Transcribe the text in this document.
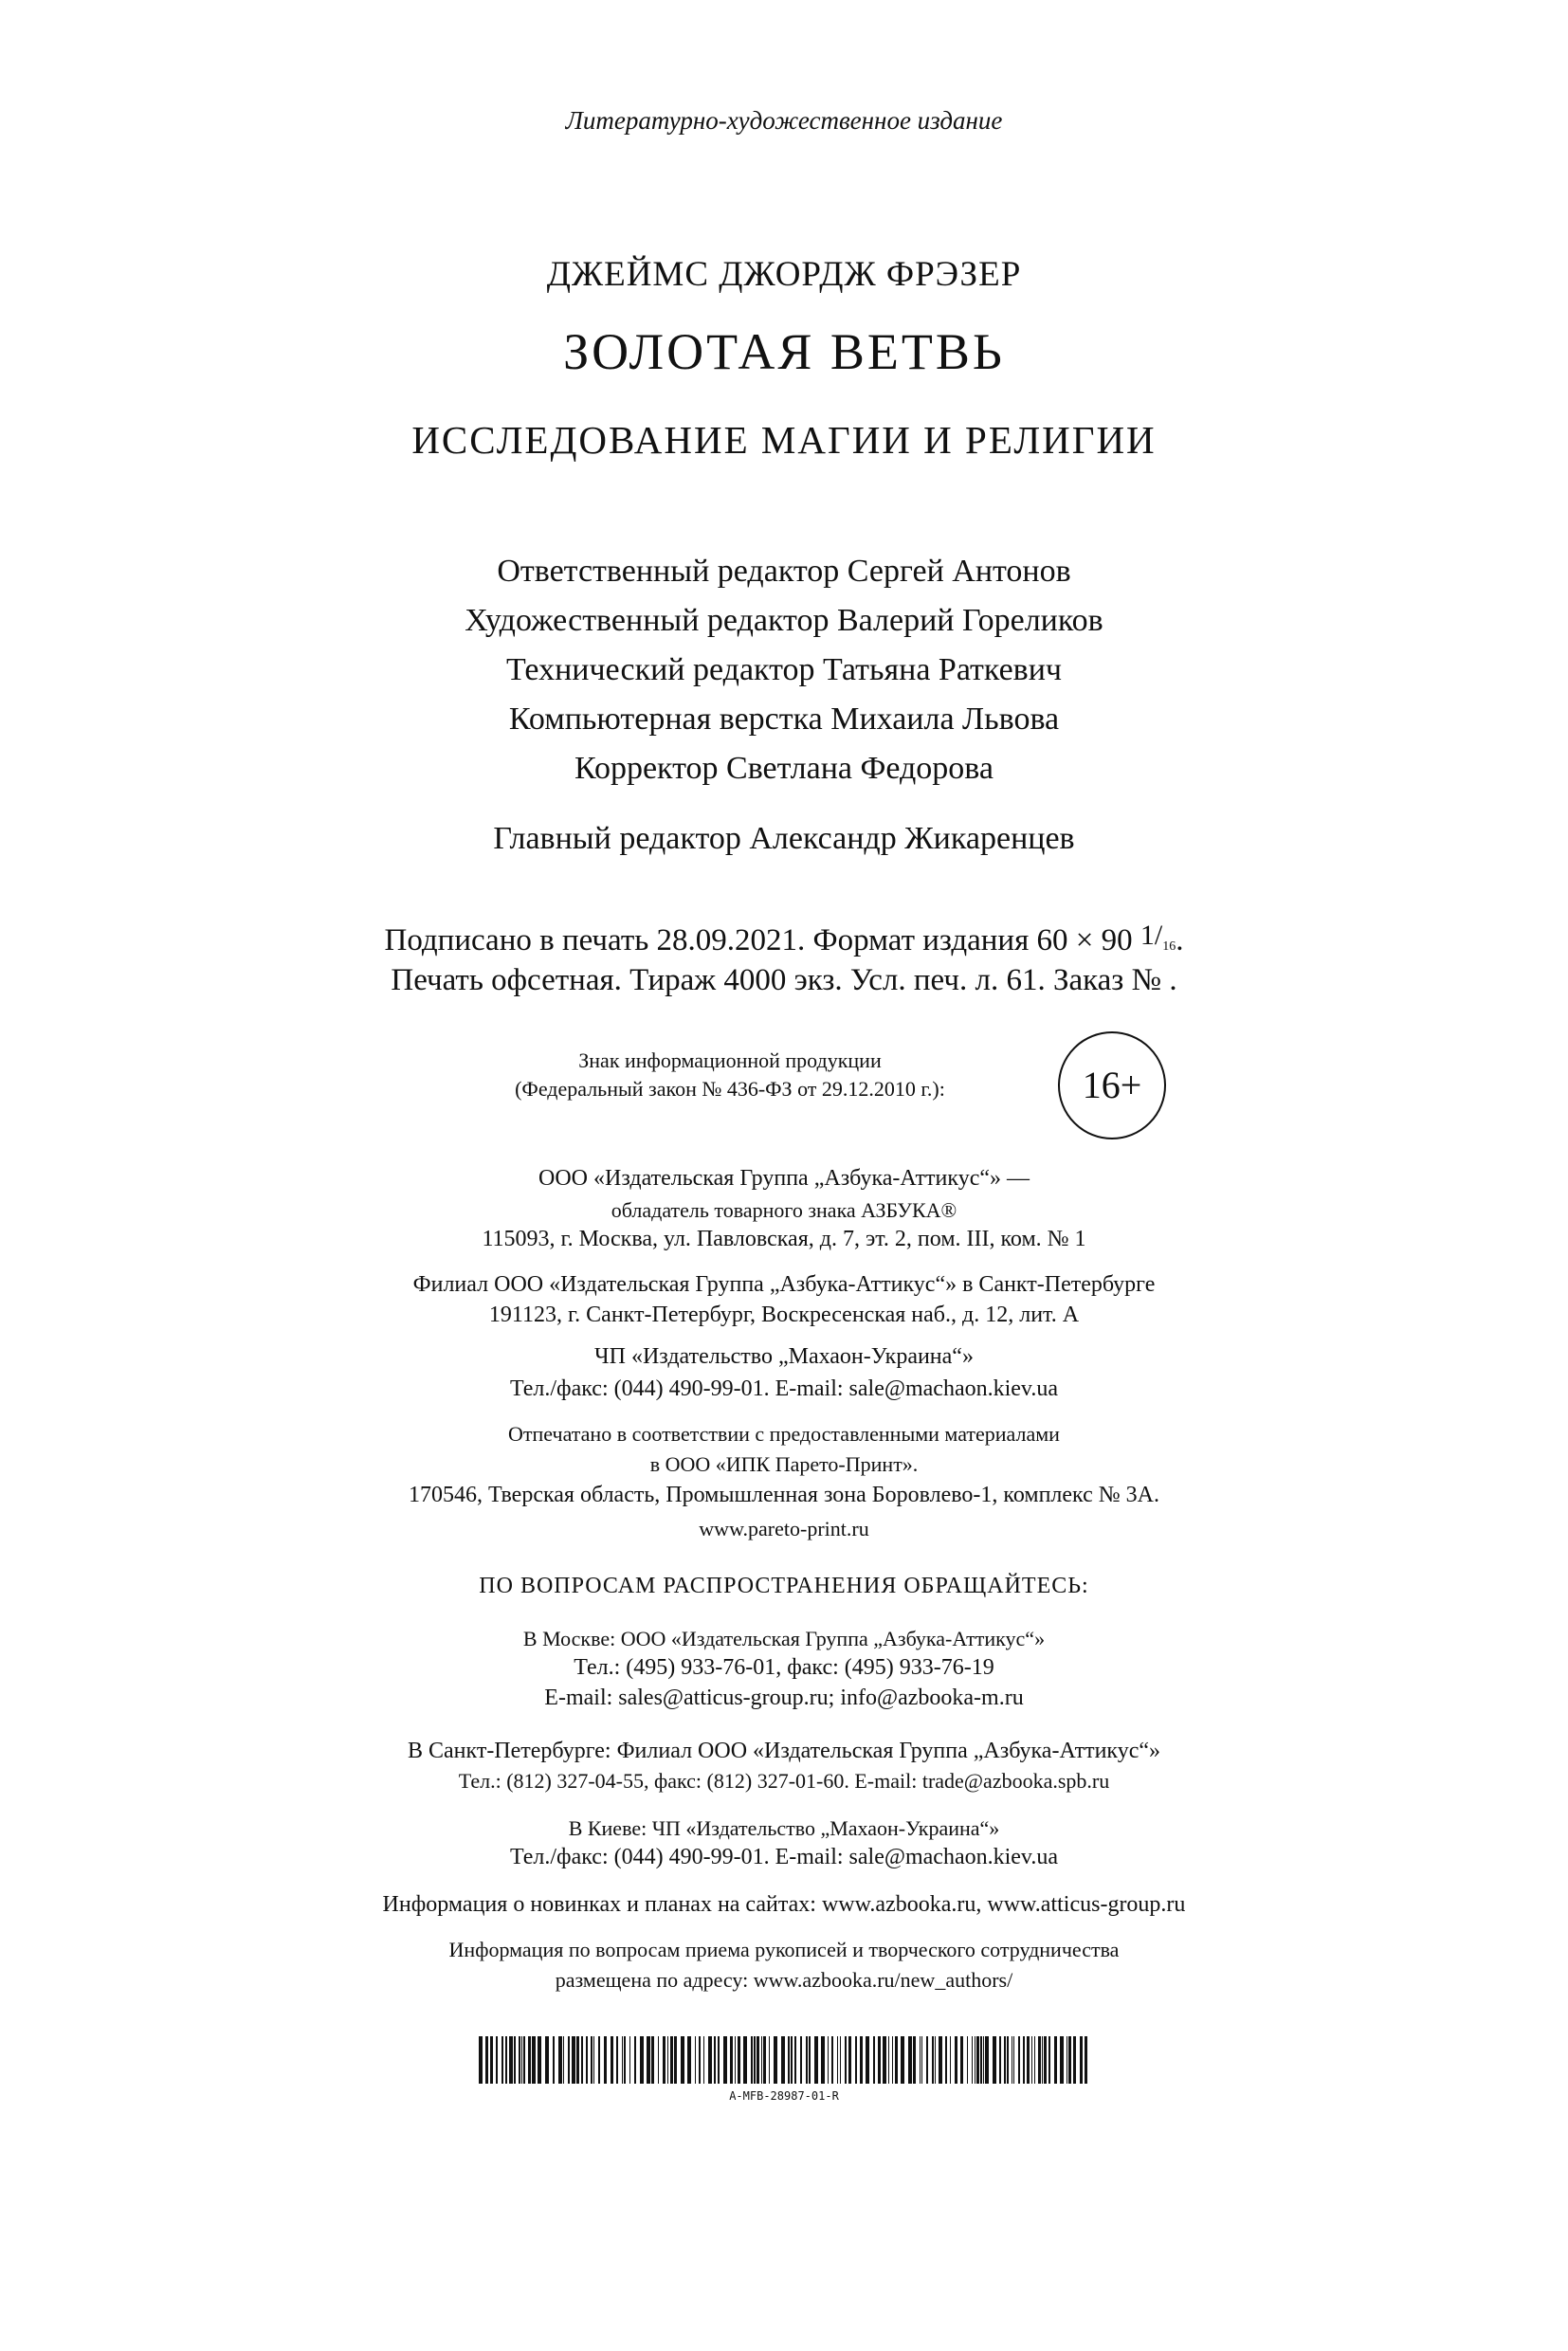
Литературно-художественное издание
ДЖЕЙМС ДЖОРДЖ ФРЭЗЕР
ЗОЛОТАЯ ВЕТВЬ
ИССЛЕДОВАНИЕ МАГИИ И РЕЛИГИИ
Ответственный редактор Сергей Антонов
Художественный редактор Валерий Гореликов
Технический редактор Татьяна Раткевич
Компьютерная верстка Михаила Львова
Корректор Светлана Федорова
Главный редактор Александр Жикаренцев
Подписано в печать 28.09.2021. Формат издания 60 × 90 $1/_{16}$.
Печать офсетная. Тираж 4000 экз. Усл. печ. л. 61. Заказ № .
Знак информационной продукции
(Федеральный закон № 436-ФЗ от 29.12.2010 г.):	16+
ООО «Издательская Группа „Азбука-Аттикус“» —
обладатель товарного знака АЗБУКА®
115093, г. Москва, ул. Павловская, д. 7, эт. 2, пом. III, ком. № 1
Филиал ООО «Издательская Группа „Азбука-Аттикус“» в Санкт-Петербурге
191123, г. Санкт-Петербург, Воскресенская наб., д. 12, лит. А
ЧП «Издательство „Махаон-Украина“»
Тел./факс: (044) 490-99-01. E-mail: sale@machaon.kiev.ua
Отпечатано в соответствии с предоставленными материалами
в ООО «ИПК Парето-Принт».
170546, Тверская область, Промышленная зона Боровлево-1, комплекс № 3А.
www.pareto-print.ru
ПО ВОПРОСАМ РАСПРОСТРАНЕНИЯ ОБРАЩАЙТЕСЬ:
В Москве: ООО «Издательская Группа „Азбука-Аттикус“»
Тел.: (495) 933-76-01, факс: (495) 933-76-19
E-mail: sales@atticus-group.ru; info@azbooka-m.ru
В Санкт-Петербурге: Филиал ООО «Издательская Группа „Азбука-Аттикус“»
Тел.: (812) 327-04-55, факс: (812) 327-01-60. E-mail: trade@azbooka.spb.ru
В Киеве: ЧП «Издательство „Махаон-Украина“»
Тел./факс: (044) 490-99-01. E-mail: sale@machaon.kiev.ua
Информация о новинках и планах на сайтах: www.azbooka.ru, www.atticus-group.ru
Информация по вопросам приема рукописей и творческого сотрудничества
размещена по адресу: www.azbooka.ru/new_authors/
A-MFB-28987-01-R
